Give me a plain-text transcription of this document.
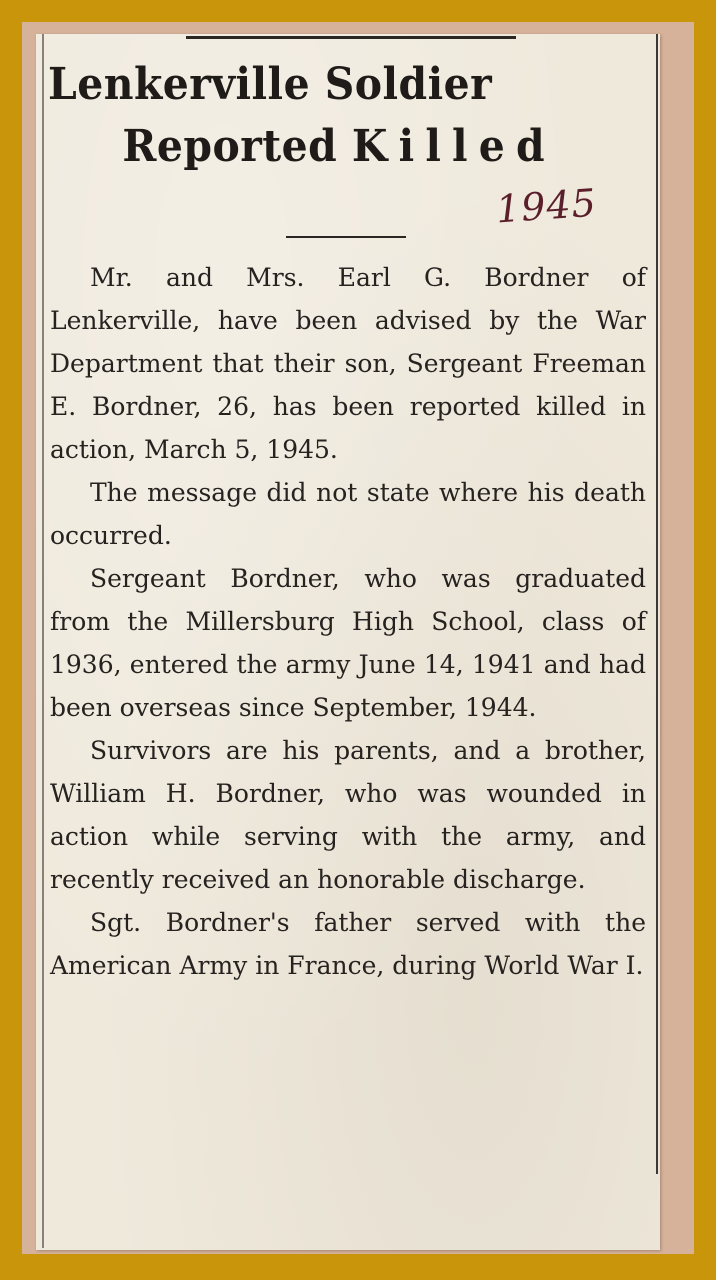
Lenkerville Soldier
Reported Killed
1945

Mr. and Mrs. Earl G. Bordner of Lenkerville, have been advised by the War Department that their son, Sergeant Freeman E. Bordner, 26, has been reported killed in action, March 5, 1945.

The message did not state where his death occurred.

Sergeant Bordner, who was graduated from the Millersburg High School, class of 1936, entered the army June 14, 1941 and had been overseas since September, 1944.

Survivors are his parents, and a brother, William H. Bordner, who was wounded in action while serving with the army, and recently received an honorable discharge.

Sgt. Bordner's father served with the American Army in France, during World War I.
